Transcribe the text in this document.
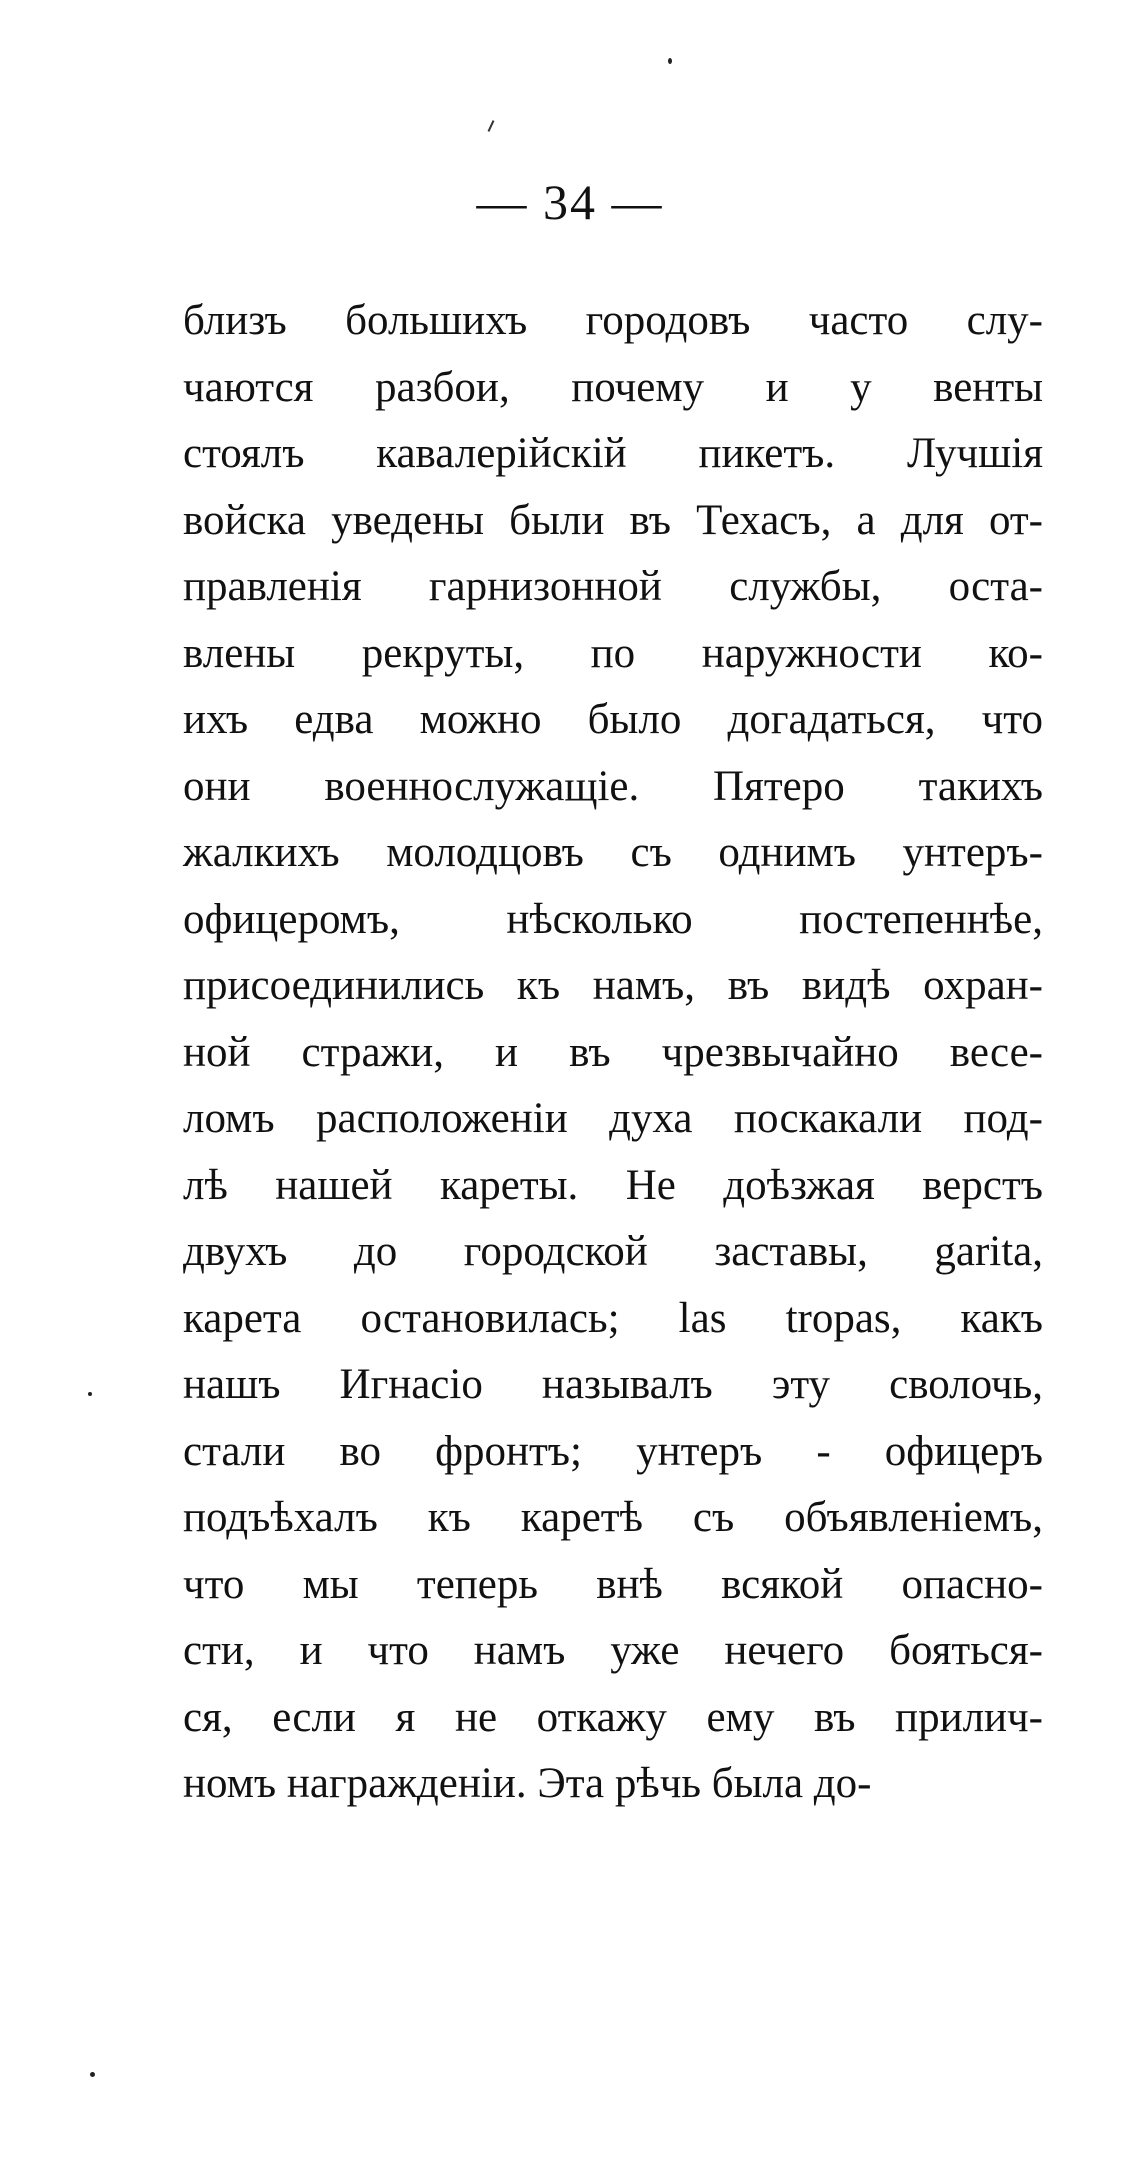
— 34 —
близъ большихъ городовъ часто слу-
чаются разбои, почему и у венты
стоялъ кавалерійскій пикетъ. Лучшія
войска уведены были въ Техасъ, а для от-
правленія гарнизонной службы, оста-
влены рекруты, по наружности ко-
ихъ едва можно было догадаться, что
они военнослужащіе. Пятеро такихъ
жалкихъ молодцовъ съ однимъ унтеръ-
офицеромъ, нѣсколько постепеннѣе,
присоединились къ намъ, въ видѣ охран-
ной стражи, и въ чрезвычайно весе-
ломъ расположеніи духа поскакали под-
лѣ нашей кареты. Не доѣзжая верстъ
двухъ до городской заставы, garita,
карета остановилась; las tropas, какъ
нашъ Игнасіо называлъ эту сволочь,
стали во фронтъ; унтеръ - офицеръ
подъѣхалъ къ каретѣ съ объявленіемъ,
что мы теперь внѣ всякой опасно-
сти, и что намъ уже нечего бояться-
ся, если я не откажу ему въ прилич-
номъ награжденіи. Эта рѣчь была до-
